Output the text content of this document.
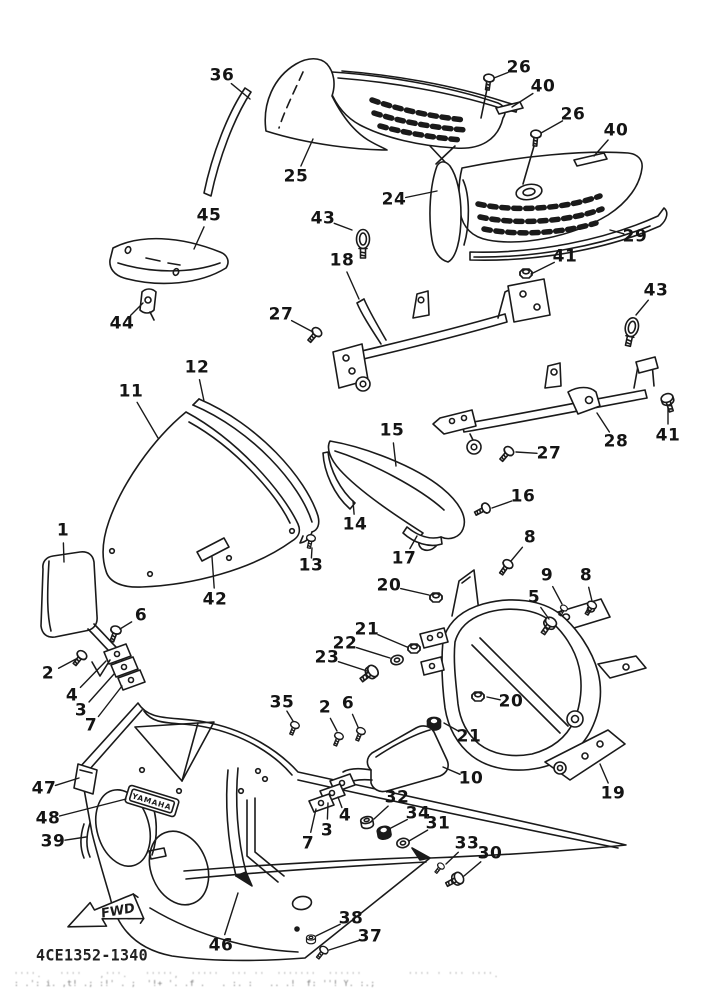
YAMAHA
FWD
36	26
40
25
26
40
24
29
43
45
18	41
44	27
43
28
27
41
12
11
15
14
16
17
13
42
8
9 8
5
20
1
6
2
21
22
23
4
3
7
20
21
10
19
35 2 6
47
48
39
4
3
7
32
34
31
33
30
46
38
37
4CE1352-1340
''''.   ''''   ,'''.   ''''',  '''''  ''' ''  '''''''  ''''''        '''' ' ''' ''''.
: .': i. ,t! .; :!' . ;  '!+ '. .f .   . :. :   .. .!  f: ''! Y. :.;
